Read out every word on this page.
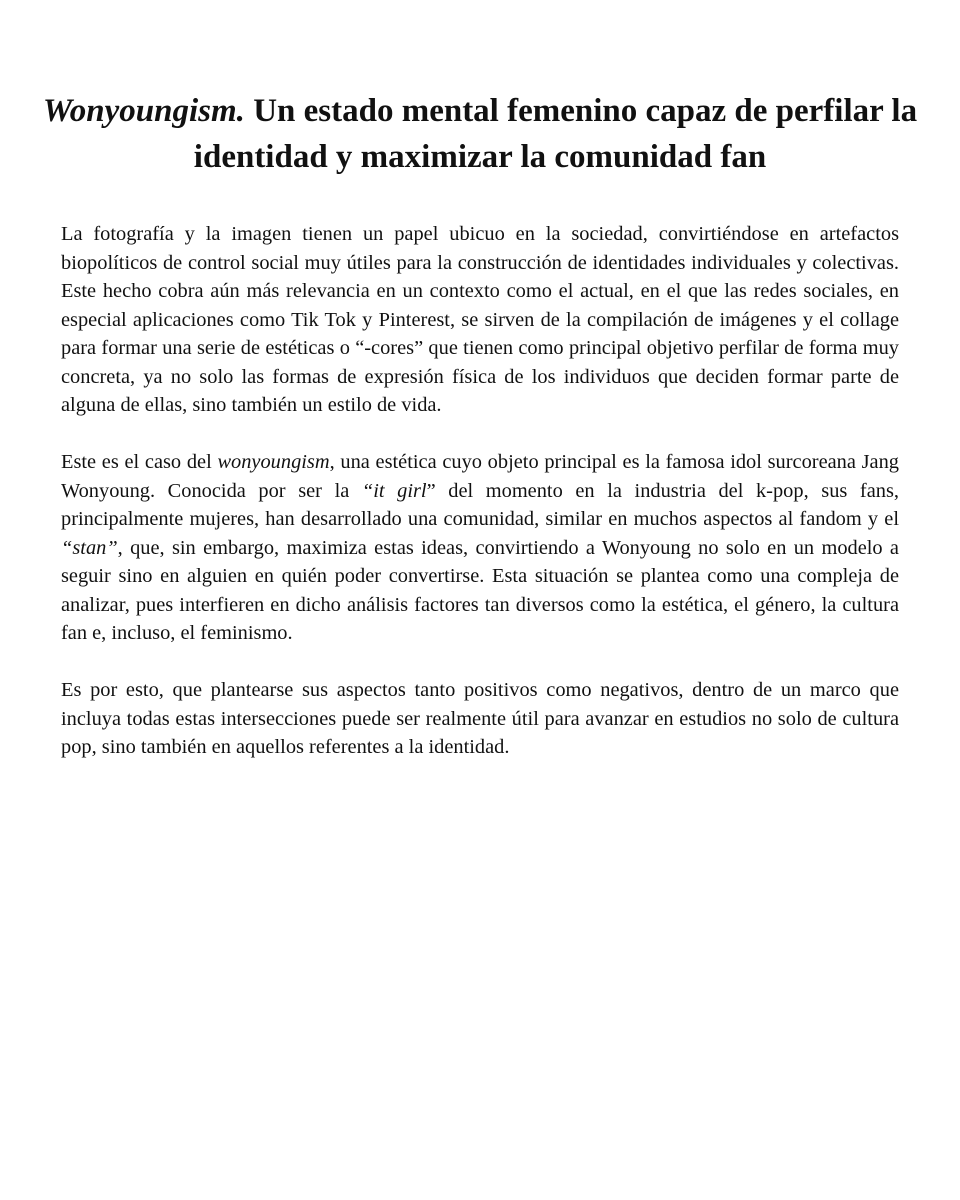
Wonyoungism. Un estado mental femenino capaz de perfilar la identidad y maximizar la comunidad fan

La fotografía y la imagen tienen un papel ubicuo en la sociedad, convirtiéndose en artefactos biopolíticos de control social muy útiles para la construcción de identidades individuales y colectivas. Este hecho cobra aún más relevancia en un contexto como el actual, en el que las redes sociales, en especial aplicaciones como Tik Tok y Pinterest, se sirven de la compilación de imágenes y el collage para formar una serie de estéticas o “-cores” que tienen como principal objetivo perfilar de forma muy concreta, ya no solo las formas de expresión física de los individuos que deciden formar parte de alguna de ellas, sino también un estilo de vida.

Este es el caso del wonyoungism, una estética cuyo objeto principal es la famosa idol surcoreana Jang Wonyoung. Conocida por ser la “it girl” del momento en la industria del k-pop, sus fans, principalmente mujeres, han desarrollado una comunidad, similar en muchos aspectos al fandom y el “stan”, que, sin embargo, maximiza estas ideas, convirtiendo a Wonyoung no solo en un modelo a seguir sino en alguien en quién poder convertirse. Esta situación se plantea como una compleja de analizar, pues interfieren en dicho análisis factores tan diversos como la estética, el género, la cultura fan e, incluso, el feminismo.

Es por esto, que plantearse sus aspectos tanto positivos como negativos, dentro de un marco que incluya todas estas intersecciones puede ser realmente útil para avanzar en estudios no solo de cultura pop, sino también en aquellos referentes a la identidad.
